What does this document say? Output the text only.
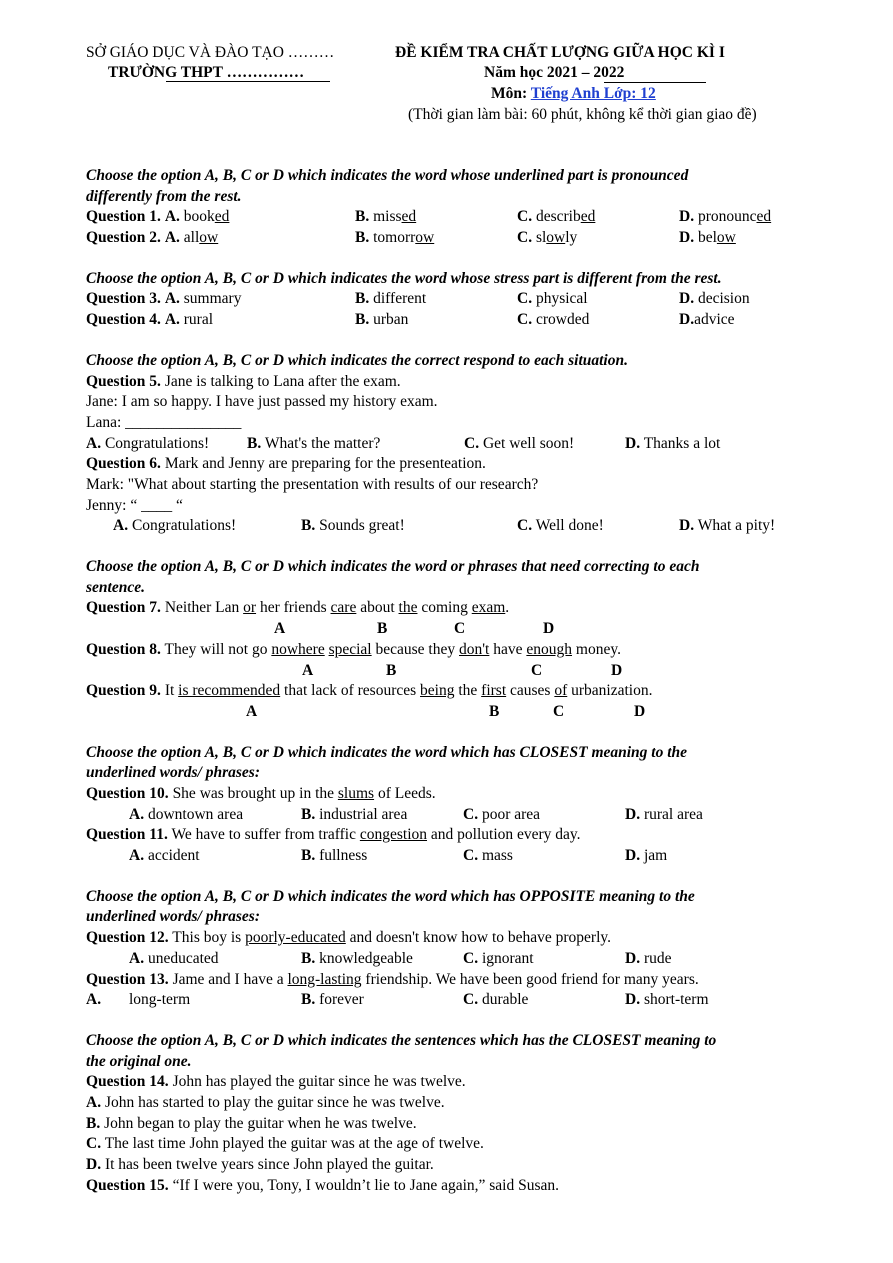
SỞ GIÁO DỤC VÀ ĐÀO TẠO ………
TRƯỜNG THPT ……………
ĐỀ KIỂM TRA CHẤT LƯỢNG GIỮA HỌC KÌ I
Năm học 2021 – 2022
Môn: Tiếng Anh Lớp: 12
(Thời gian làm bài: 60 phút, không kể thời gian giao đề)
Choose the option A, B, C or D which indicates the word whose underlined part is pronounced
differently from the rest.
Question 1. A. booked	B. missed	C. described	D. pronounced
Question 2. A. allow	B. tomorrow	C. slowly	D. below
Choose the option A, B, C or D which indicates the word whose stress part is different from the rest.
Question 3. A. summary	B. different	C. physical	D. decision
Question 4. A. rural	B. urban	C. crowded	D.advice
Choose the option A, B, C or D which indicates the correct respond to each situation.
Question 5. Jane is talking to Lana after the exam.
Jane: I am so happy. I have just passed my history exam.
Lana: _______________
A. Congratulations! B. What's the matter?	C. Get well soon!	D. Thanks a lot
Question 6. Mark and Jenny are preparing for the presenteation.
Mark: "What about starting the presentation with results of our research?
Jenny: “ ____ “
A. Congratulations!	B. Sounds great!	C. Well done!	D. What a pity!
Choose the option A, B, C or D which indicates the word or phrases that need correcting to each
sentence.
Question 7. Neither Lan or her friends care about the coming exam.
A	B	C	D
Question 8. They will not go nowhere special because they don't have enough money.
A	B	C	D
Question 9. It is recommended that lack of resources being the first causes of urbanization.
A	B	C	D
Choose the option A, B, C or D which indicates the word which has CLOSEST meaning to the
underlined words/ phrases:
Question 10. She was brought up in the slums of Leeds.
A. downtown area	B. industrial area	C. poor area	D. rural area
Question 11. We have to suffer from traffic congestion and pollution every day.
A. accident	B. fullness	C. mass	D. jam
Choose the option A, B, C or D which indicates the word which has OPPOSITE meaning to the
underlined words/ phrases:
Question 12. This boy is poorly-educated and doesn't know how to behave properly.
A. uneducated	B. knowledgeable	C. ignorant	D. rude
Question 13. Jame and I have a long-lasting friendship. We have been good friend for many years.
A. long-term	B. forever	C. durable	D. short-term
Choose the option A, B, C or D which indicates the sentences which has the CLOSEST meaning to
the original one.
Question 14. John has played the guitar since he was twelve.
A. John has started to play the guitar since he was twelve.
B. John began to play the guitar when he was twelve.
C. The last time John played the guitar was at the age of twelve.
D. It has been twelve years since John played the guitar.
Question 15. “If I were you, Tony, I wouldn’t lie to Jane again,” said Susan.
